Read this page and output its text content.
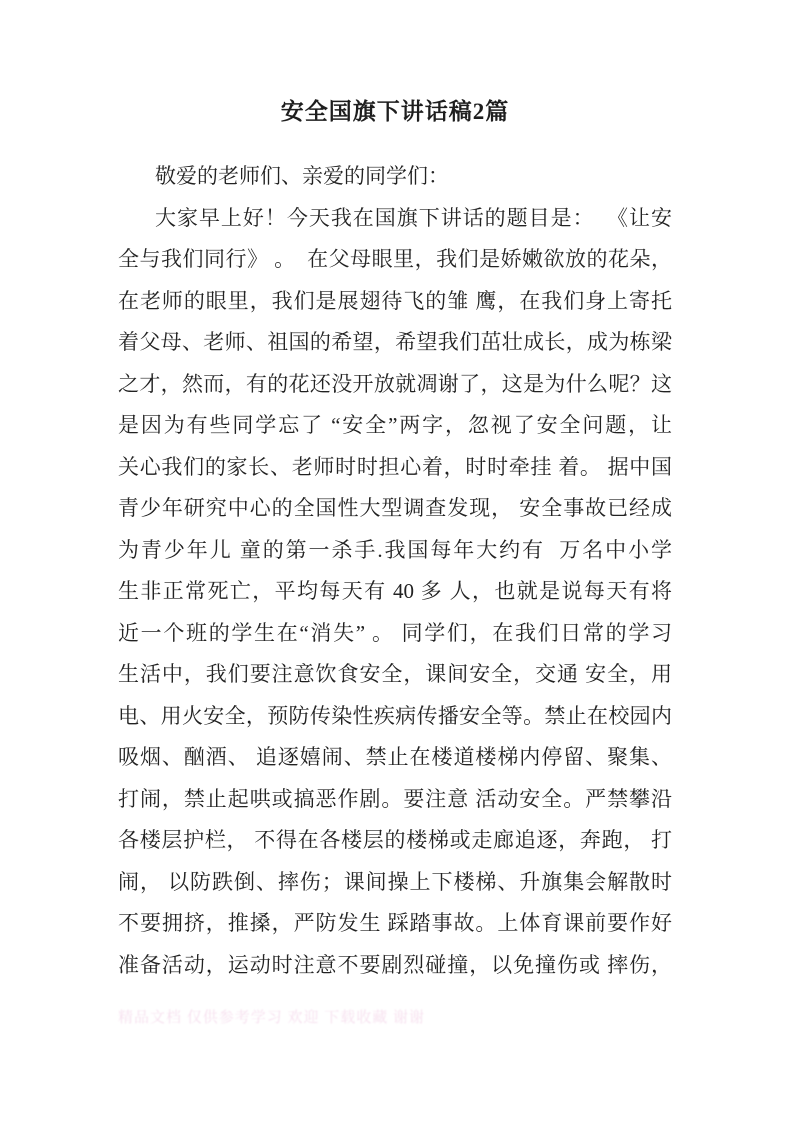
安全国旗下讲话稿2篇
敬爱的老师们、亲爱的同学们：
大家早上好！今天我在国旗下讲话的题目是：  《让安
全与我们同行》 。  在父母眼里，我们是娇嫩欲放的花朵，
在老师的眼里，我们是展翅待飞的雏 鹰，在我们身上寄托
着父母、老师、祖国的希望，希望我们茁壮成长，成为栋梁
之才，然而，有的花还没开放就凋谢了，这是为什么呢？这
是因为有些同学忘了 “安全”两字，忽视了安全问题，让
关心我们的家长、老师时时担心着，时时牵挂 着。 据中国
青少年研究中心的全国性大型调查发现， 安全事故已经成
为青少年儿 童的第一杀手.我国每年大约有  万名中小学
生非正常死亡，平均每天有 40 多 人，也就是说每天有将
近一个班的学生在“消失” 。 同学们，在我们日常的学习
生活中，我们要注意饮食安全，课间安全，交通 安全，用
电、用火安全，预防传染性疾病传播安全等。禁止在校园内
吸烟、酗酒、 追逐嬉闹、禁止在楼道楼梯内停留、聚集、
打闹，禁止起哄或搞恶作剧。要注意 活动安全。严禁攀沿
各楼层护栏， 不得在各楼层的楼梯或走廊追逐，奔跑， 打
闹， 以防跌倒、摔伤；课间操上下楼梯、升旗集会解散时
不要拥挤，推搡，严防发生 踩踏事故。上体育课前要作好
准备活动，运动时注意不要剧烈碰撞，以免撞伤或 摔伤，
精品文档 仅供参考学习 欢迎 下载收藏 谢谢
